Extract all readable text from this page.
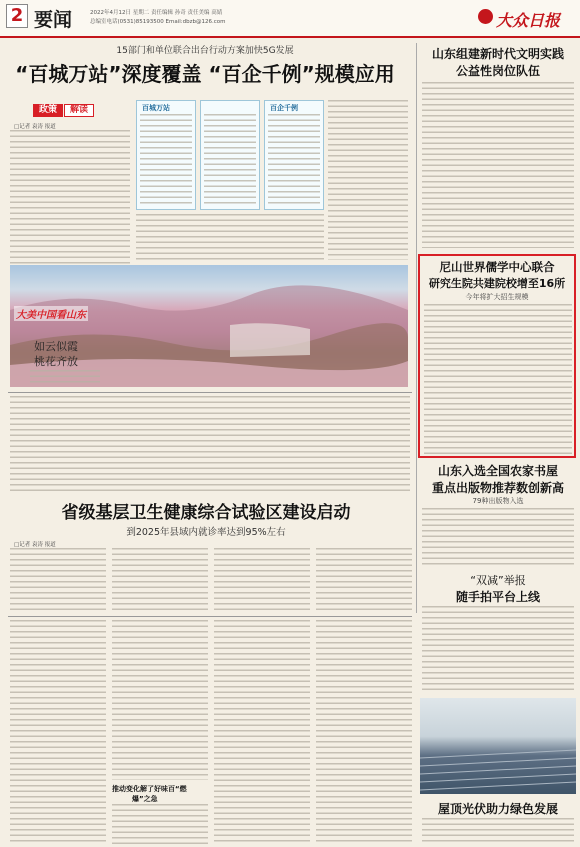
2 要闻	2022年4月12日 星期二 责任编辑 孙奇 责任美编 高婧
总编室电话(0531)85193500 Email:dbzb@126.com	大众日报
15部门和单位联合出台行动方案加快5G发展
“百城万站”深度覆盖 “百企千例”规模应用
政策	解读
□记者 袁涛 报道
百城万站	百企千例
大美中国看山东
如云似霞
桃花齐放
山东组建新时代文明实践
公益性岗位队伍
尼山世界儒学中心联合
研究生院共建院校增至16所
今年将扩大招生规模
山东入选全国农家书屋
重点出版物推荐数创新高
79种出版物入选
“双减”举报
随手拍平台上线
屋顶光伏助力绿色发展
省级基层卫生健康综合试验区建设启动
到2025年县域内就诊率达到95%左右
□记者 袁涛 报道
推动变化解了好味百“燃
爆”之急
